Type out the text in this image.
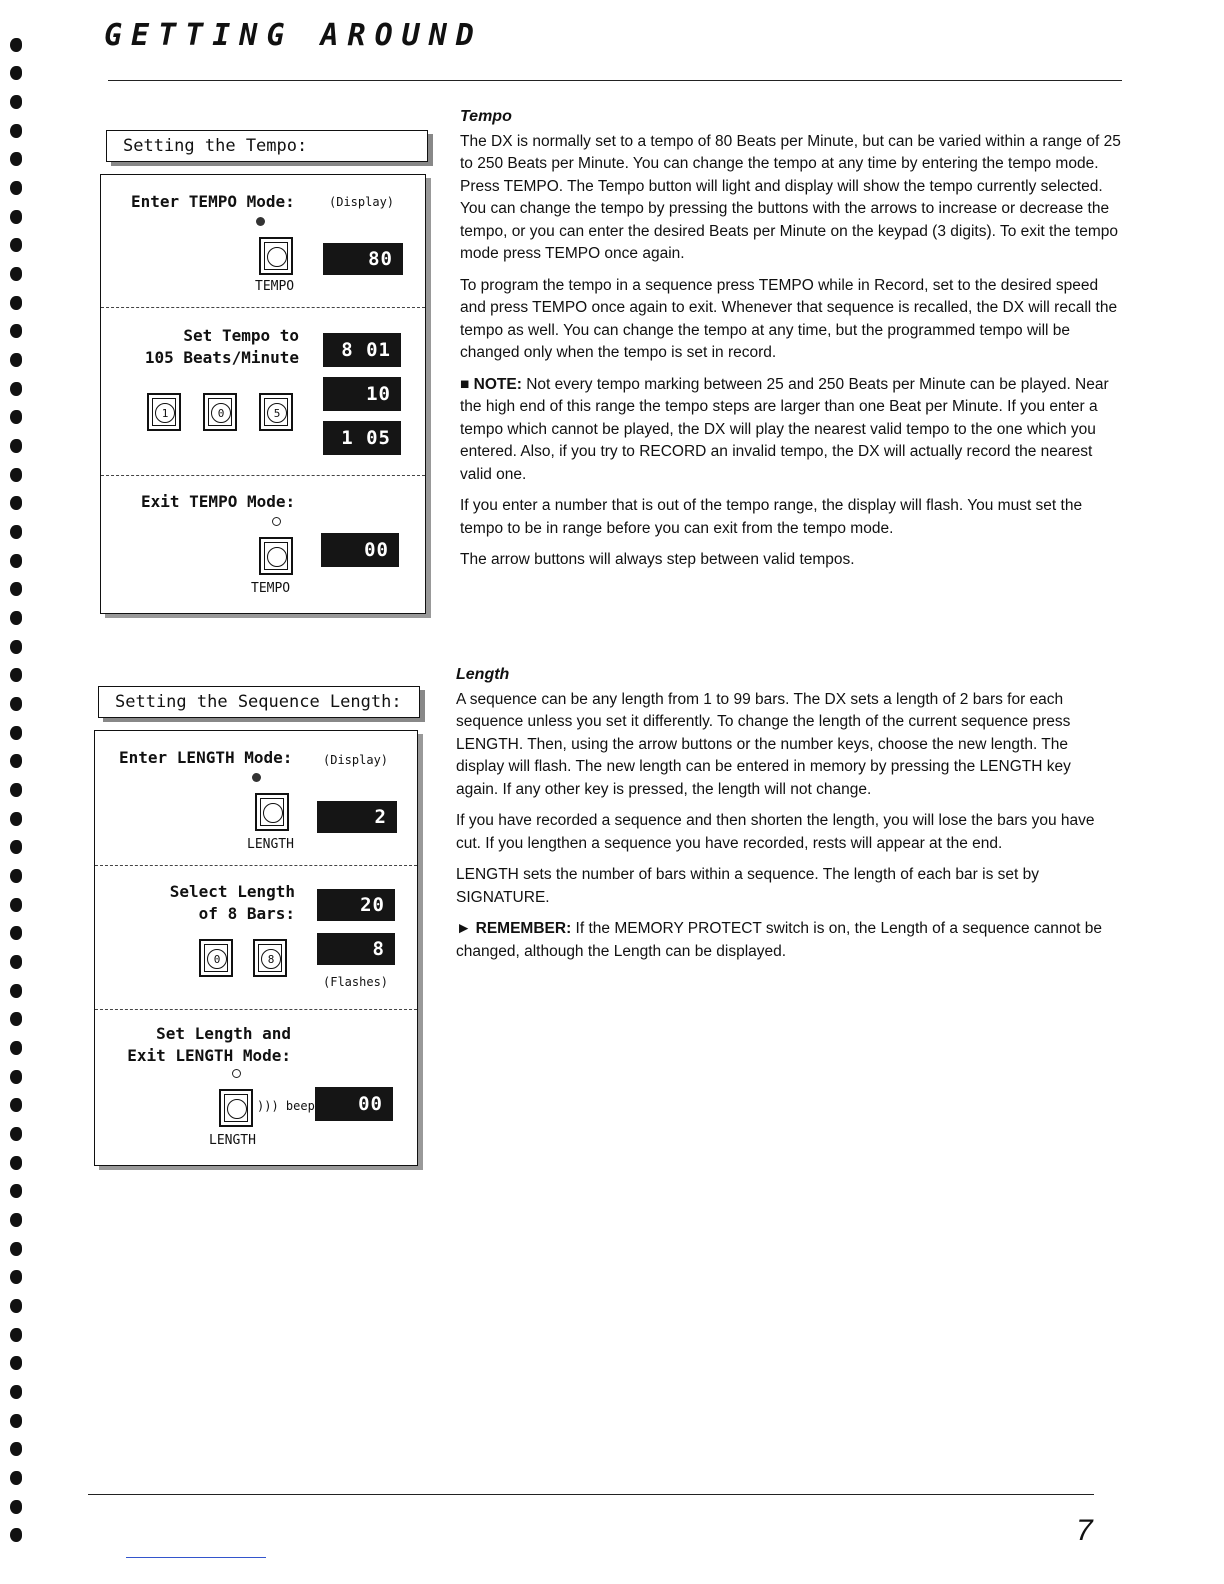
GETTING AROUND
Setting the Tempo:
Enter TEMPO Mode:	(Display)
80
TEMPO
Set Tempo to
105 Beats/Minute	8 01
10
1 05
1	0	5
Exit TEMPO Mode:
00
TEMPO
Setting the Sequence Length:
Enter LENGTH Mode:	(Display)
2
LENGTH
Select Length
of 8 Bars:	20
8
0	8
(Flashes)
Set Length and
Exit LENGTH Mode:
))) beep	00
LENGTH
Tempo

The DX is normally set to a tempo of 80 Beats per Minute, but can be varied within a range of 25 to 250 Beats per Minute. You can change the tempo at any time by entering the tempo mode. Press TEMPO. The Tempo button will light and display will show the tempo currently selected. You can change the tempo by pressing the buttons with the arrows to increase or decrease the tempo, or you can enter the desired Beats per Minute on the keypad (3 digits). To exit the tempo mode press TEMPO once again.

To program the tempo in a sequence press TEMPO while in Record, set to the desired speed and press TEMPO once again to exit. Whenever that sequence is recalled, the DX will recall the tempo as well. You can change the tempo at any time, but the programmed tempo will be changed only when the tempo is set in record.

■ NOTE: Not every tempo marking between 25 and 250 Beats per Minute can be played. Near the high end of this range the tempo steps are larger than one Beat per Minute. If you enter a tempo which cannot be played, the DX will play the nearest valid tempo to the one which you entered. Also, if you try to RECORD an invalid tempo, the DX will actually record the nearest valid one.

If you enter a number that is out of the tempo range, the display will flash. You must set the tempo to be in range before you can exit from the tempo mode.

The arrow buttons will always step between valid tempos.

Length

A sequence can be any length from 1 to 99 bars. The DX sets a length of 2 bars for each sequence unless you set it differently. To change the length of the current sequence press LENGTH. Then, using the arrow buttons or the number keys, choose the new length. The display will flash. The new length can be entered in memory by pressing the LENGTH key again. If any other key is pressed, the length will not change.

If you have recorded a sequence and then shorten the length, you will lose the bars you have cut. If you lengthen a sequence you have recorded, rests will appear at the end.

LENGTH sets the number of bars within a sequence. The length of each bar is set by SIGNATURE.

► REMEMBER: If the MEMORY PROTECT switch is on, the Length of a sequence cannot be changed, although the Length can be displayed.

7
